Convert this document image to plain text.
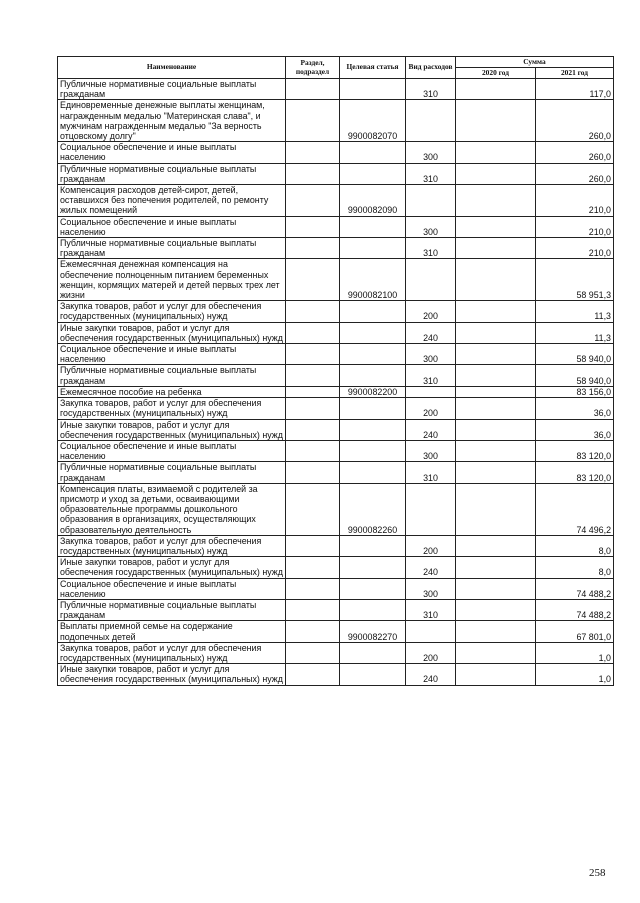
Наименование	Раздел, подраздел	Целевая статья	Вид расходов	Сумма	
				2020 год	2021 год
Публичные нормативные социальные выплаты гражданам			310		117,0
Единовременные денежные выплаты женщинам, награжденным медалью "Материнская слава", и мужчинам награжденным медалью "За верность отцовскому долгу"		9900082070			260,0
Социальное обеспечение и иные выплаты населению			300		260,0
Публичные нормативные социальные выплаты гражданам			310		260,0
Компенсация расходов детей-сирот, детей, оставшихся без попечения родителей, по ремонту жилых помещений		9900082090			210,0
Социальное обеспечение и иные выплаты населению			300		210,0
Публичные нормативные социальные выплаты гражданам			310		210,0
Ежемесячная денежная компенсация на обеспечение полноценным питанием беременных женщин, кормящих матерей и детей первых трех лет жизни		9900082100			58 951,3
Закупка товаров, работ и услуг для обеспечения государственных (муниципальных) нужд			200		11,3
Иные закупки товаров, работ и услуг для обеспечения государственных (муниципальных) нужд			240		11,3
Социальное обеспечение и иные выплаты населению			300		58 940,0
Публичные нормативные социальные выплаты гражданам			310		58 940,0
Ежемесячное пособие на ребенка		9900082200			83 156,0
Закупка товаров, работ и услуг для обеспечения государственных (муниципальных) нужд			200		36,0
Иные закупки товаров, работ и услуг для обеспечения государственных (муниципальных) нужд			240		36,0
Социальное обеспечение и иные выплаты населению			300		83 120,0
Публичные нормативные социальные выплаты гражданам			310		83 120,0
Компенсация платы, взимаемой с родителей за присмотр и уход за детьми, осваивающими образовательные программы дошкольного образования в организациях, осуществляющих образовательную деятельность		9900082260			74 496,2
Закупка товаров, работ и услуг для обеспечения государственных (муниципальных) нужд			200		8,0
Иные закупки товаров, работ и услуг для обеспечения государственных (муниципальных) нужд			240		8,0
Социальное обеспечение и иные выплаты населению			300		74 488,2
Публичные нормативные социальные выплаты гражданам			310		74 488,2
Выплаты приемной семье на содержание подопечных детей		9900082270			67 801,0
Закупка товаров, работ и услуг для обеспечения государственных (муниципальных) нужд			200		1,0
Иные закупки товаров, работ и услуг для обеспечения государственных (муниципальных) нужд			240		1,0
258
